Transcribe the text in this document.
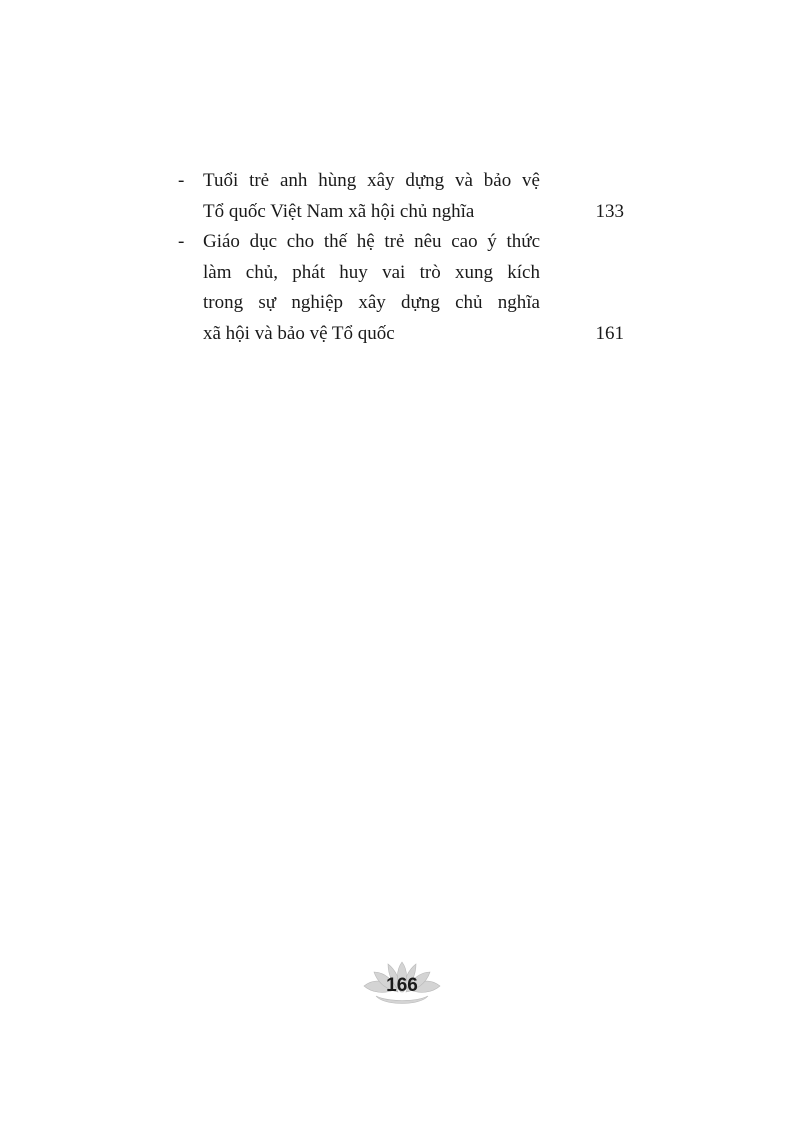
- Tuổi trẻ anh hùng xây dựng và bảo vệ
Tổ quốc Việt Nam xã hội chủ nghĩa	133
- Giáo dục cho thế hệ trẻ nêu cao ý thức
làm chủ, phát huy vai trò xung kích
trong sự nghiệp xây dựng chủ nghĩa
xã hội và bảo vệ Tổ quốc	161
166
